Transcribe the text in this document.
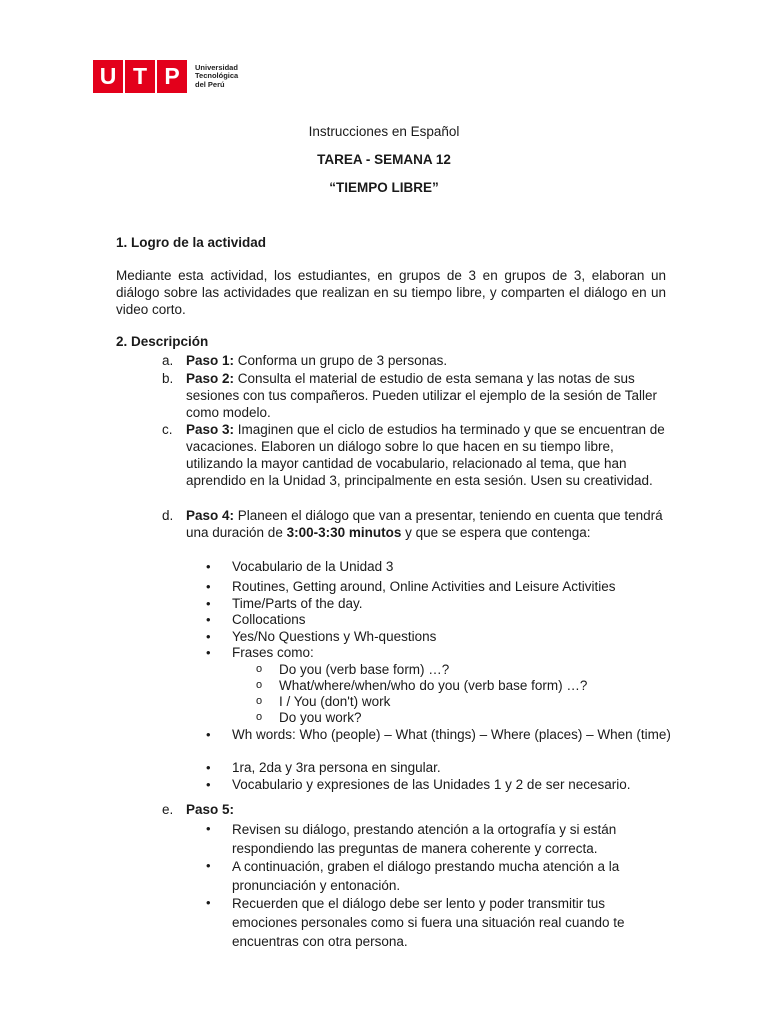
U T P	Universidad
Tecnológica
del Perú
Instrucciones en Español
TAREA - SEMANA 12
“TIEMPO LIBRE”
1. Logro de la actividad
Mediante esta actividad, los estudiantes, en grupos de 3 en grupos de 3, elaboran un diálogo sobre las actividades que realizan en su tiempo libre, y comparten el diálogo en un video corto.
2. Descripción
a. Paso 1: Conforma un grupo de 3 personas.
b. Paso 2: Consulta el material de estudio de esta semana y las notas de sus sesiones con tus compañeros. Pueden utilizar el ejemplo de la sesión de Taller como modelo.
c. Paso 3: Imaginen que el ciclo de estudios ha terminado y que se encuentran de vacaciones. Elaboren un diálogo sobre lo que hacen en su tiempo libre, utilizando la mayor cantidad de vocabulario, relacionado al tema, que han aprendido en la Unidad 3, principalmente en esta sesión. Usen su creatividad.
d. Paso 4: Planeen el diálogo que van a presentar, teniendo en cuenta que tendrá una duración de 3:00-3:30 minutos y que se espera que contenga:
• Vocabulario de la Unidad 3
• Routines, Getting around, Online Activities and Leisure Activities
• Time/Parts of the day.
• Collocations
• Yes/No Questions y Wh-questions
• Frases como:
o Do you (verb base form) …?
o What/where/when/who do you (verb base form) …?
o I / You (don't) work
o Do you work?
• Wh words: Who (people) – What (things) – Where (places) – When (time)
• 1ra, 2da y 3ra persona en singular.
• Vocabulario y expresiones de las Unidades 1 y 2 de ser necesario.
e. Paso 5:
• Revisen su diálogo, prestando atención a la ortografía y si están respondiendo las preguntas de manera coherente y correcta.
• A continuación, graben el diálogo prestando mucha atención a la pronunciación y entonación.
• Recuerden que el diálogo debe ser lento y poder transmitir tus emociones personales como si fuera una situación real cuando te encuentras con otra persona.
